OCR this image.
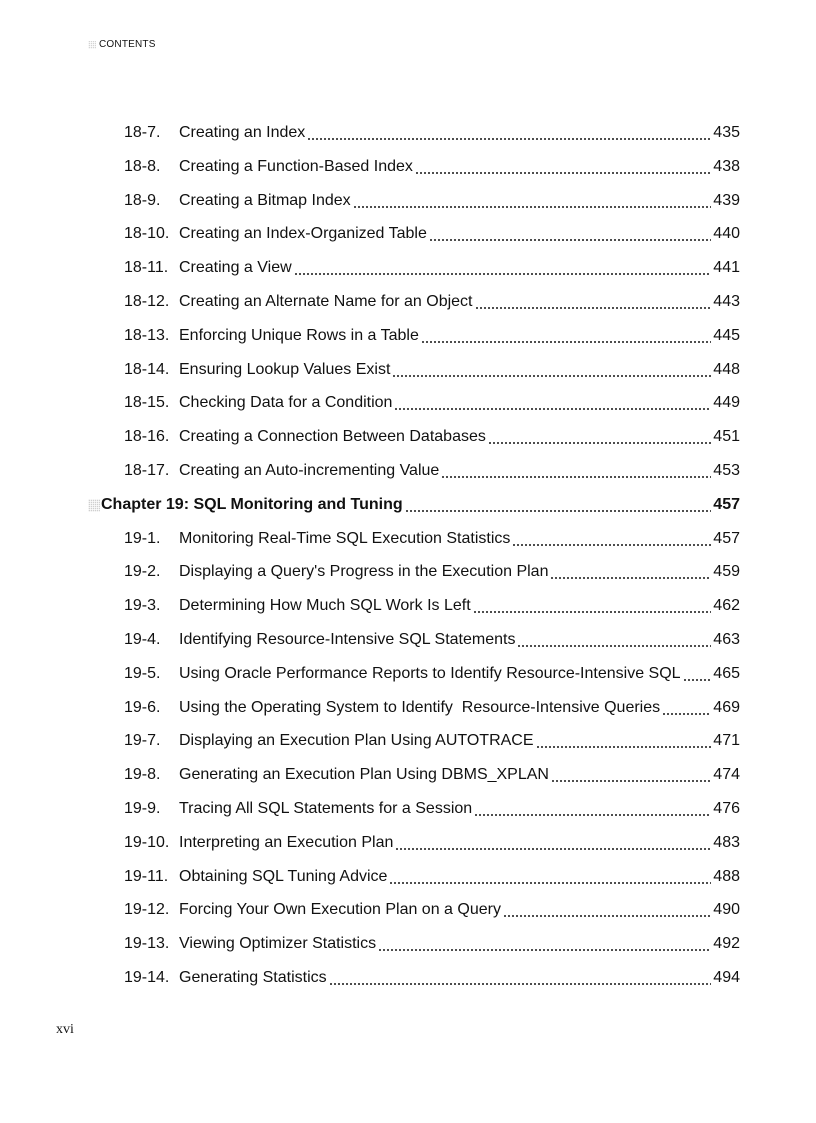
CONTENTS
18-7.	Creating an Index	435
18-8.	Creating a Function-Based Index	438
18-9.	Creating a Bitmap Index	439
18-10. Creating an Index-Organized Table	440
18-11. Creating a View	441
18-12. Creating an Alternate Name for an Object	443
18-13. Enforcing Unique Rows in a Table	445
18-14. Ensuring Lookup Values Exist	448
18-15. Checking Data for a Condition	449
18-16. Creating a Connection Between Databases	451
18-17. Creating an Auto-incrementing Value	453
Chapter 19: SQL Monitoring and Tuning	457
19-1.	Monitoring Real-Time SQL Execution Statistics	457
19-2.	Displaying a Query's Progress in the Execution Plan	459
19-3.	Determining How Much SQL Work Is Left	462
19-4.	Identifying Resource-Intensive SQL Statements	463
19-5.	Using Oracle Performance Reports to Identify Resource-Intensive SQL 465
19-6.	Using the Operating System to Identify  Resource-Intensive Queries	469
19-7.	Displaying an Execution Plan Using AUTOTRACE	471
19-8.	Generating an Execution Plan Using DBMS_XPLAN	474
19-9.	Tracing All SQL Statements for a Session	476
19-10. Interpreting an Execution Plan	483
19-11. Obtaining SQL Tuning Advice	488
19-12. Forcing Your Own Execution Plan on a Query	490
19-13. Viewing Optimizer Statistics	492
19-14. Generating Statistics	494
xvi
